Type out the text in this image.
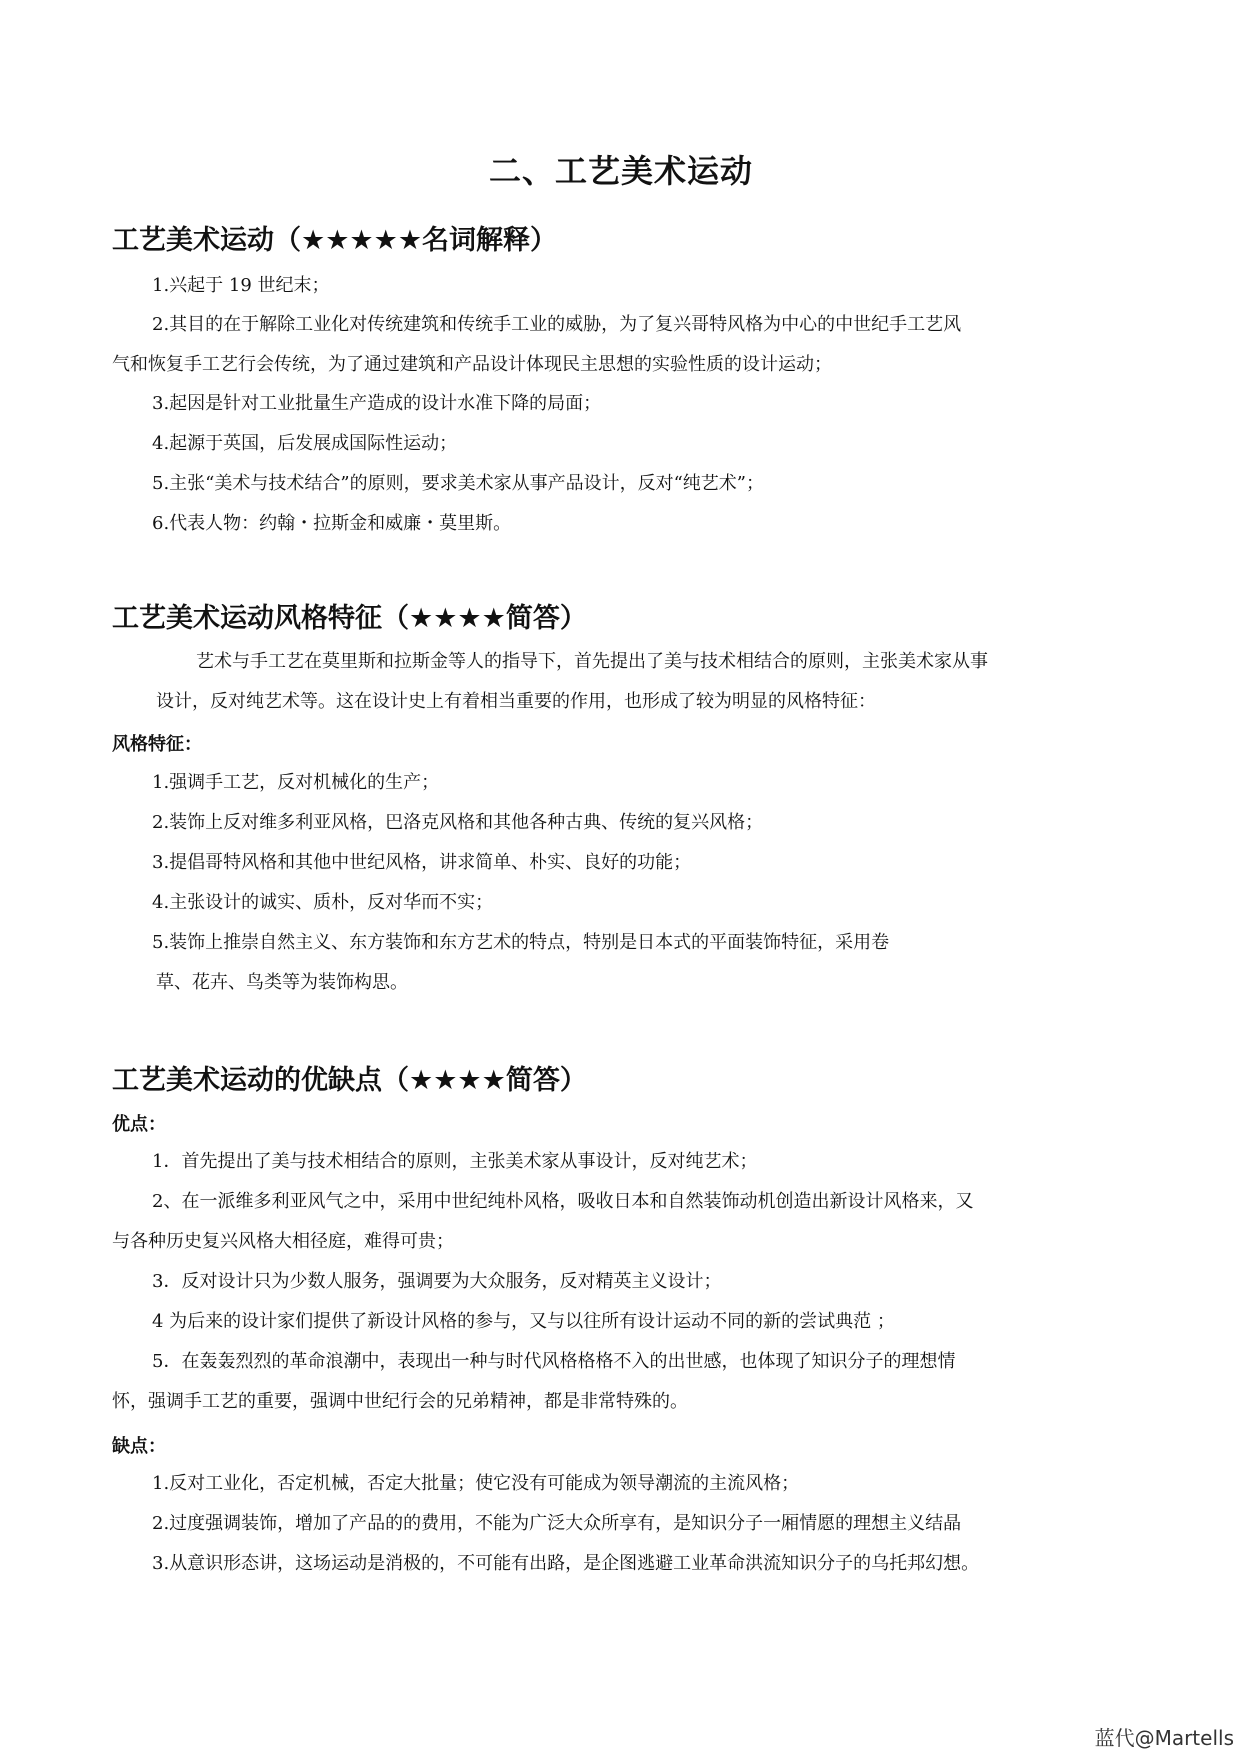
二、工艺美术运动
工艺美术运动（★★★★★名词解释）
1.兴起于 19 世纪末；
2.其目的在于解除工业化对传统建筑和传统手工业的威胁，为了复兴哥特风格为中心的中世纪手工艺风
气和恢复手工艺行会传统，为了通过建筑和产品设计体现民主思想的实验性质的设计运动；
3.起因是针对工业批量生产造成的设计水准下降的局面；
4.起源于英国，后发展成国际性运动；
5.主张“美术与技术结合”的原则，要求美术家从事产品设计，反对“纯艺术”；
6.代表人物：约翰・拉斯金和威廉・莫里斯。
工艺美术运动风格特征（★★★★简答）
艺术与手工艺在莫里斯和拉斯金等人的指导下，首先提出了美与技术相结合的原则，主张美术家从事
设计，反对纯艺术等。这在设计史上有着相当重要的作用，也形成了较为明显的风格特征：
风格特征：
1.强调手工艺，反对机械化的生产；
2.装饰上反对维多利亚风格，巴洛克风格和其他各种古典、传统的复兴风格；
3.提倡哥特风格和其他中世纪风格，讲求简单、朴实、良好的功能；
4.主张设计的诚实、质朴，反对华而不实；
5.装饰上推崇自然主义、东方装饰和东方艺术的特点，特别是日本式的平面装饰特征，采用卷
草、花卉、鸟类等为装饰构思。
工艺美术运动的优缺点（★★★★简答）
优点：
1．首先提出了美与技术相结合的原则，主张美术家从事设计，反对纯艺术；
2、在一派维多利亚风气之中，采用中世纪纯朴风格，吸收日本和自然装饰动机创造出新设计风格来，又
与各种历史复兴风格大相径庭，难得可贵；
3．反对设计只为少数人服务，强调要为大众服务，反对精英主义设计；
4 为后来的设计家们提供了新设计风格的参与，又与以往所有设计运动不同的新的尝试典范 ；
5．在轰轰烈烈的革命浪潮中，表现出一种与时代风格格格不入的出世感，也体现了知识分子的理想情
怀，强调手工艺的重要，强调中世纪行会的兄弟精神，都是非常特殊的。
缺点：
1.反对工业化，否定机械，否定大批量；使它没有可能成为领导潮流的主流风格；
2.过度强调装饰，增加了产品的的费用，不能为广泛大众所享有，是知识分子一厢情愿的理想主义结晶
3.从意识形态讲，这场运动是消极的，不可能有出路，是企图逃避工业革命洪流知识分子的乌托邦幻想。
蓝代@Martells
